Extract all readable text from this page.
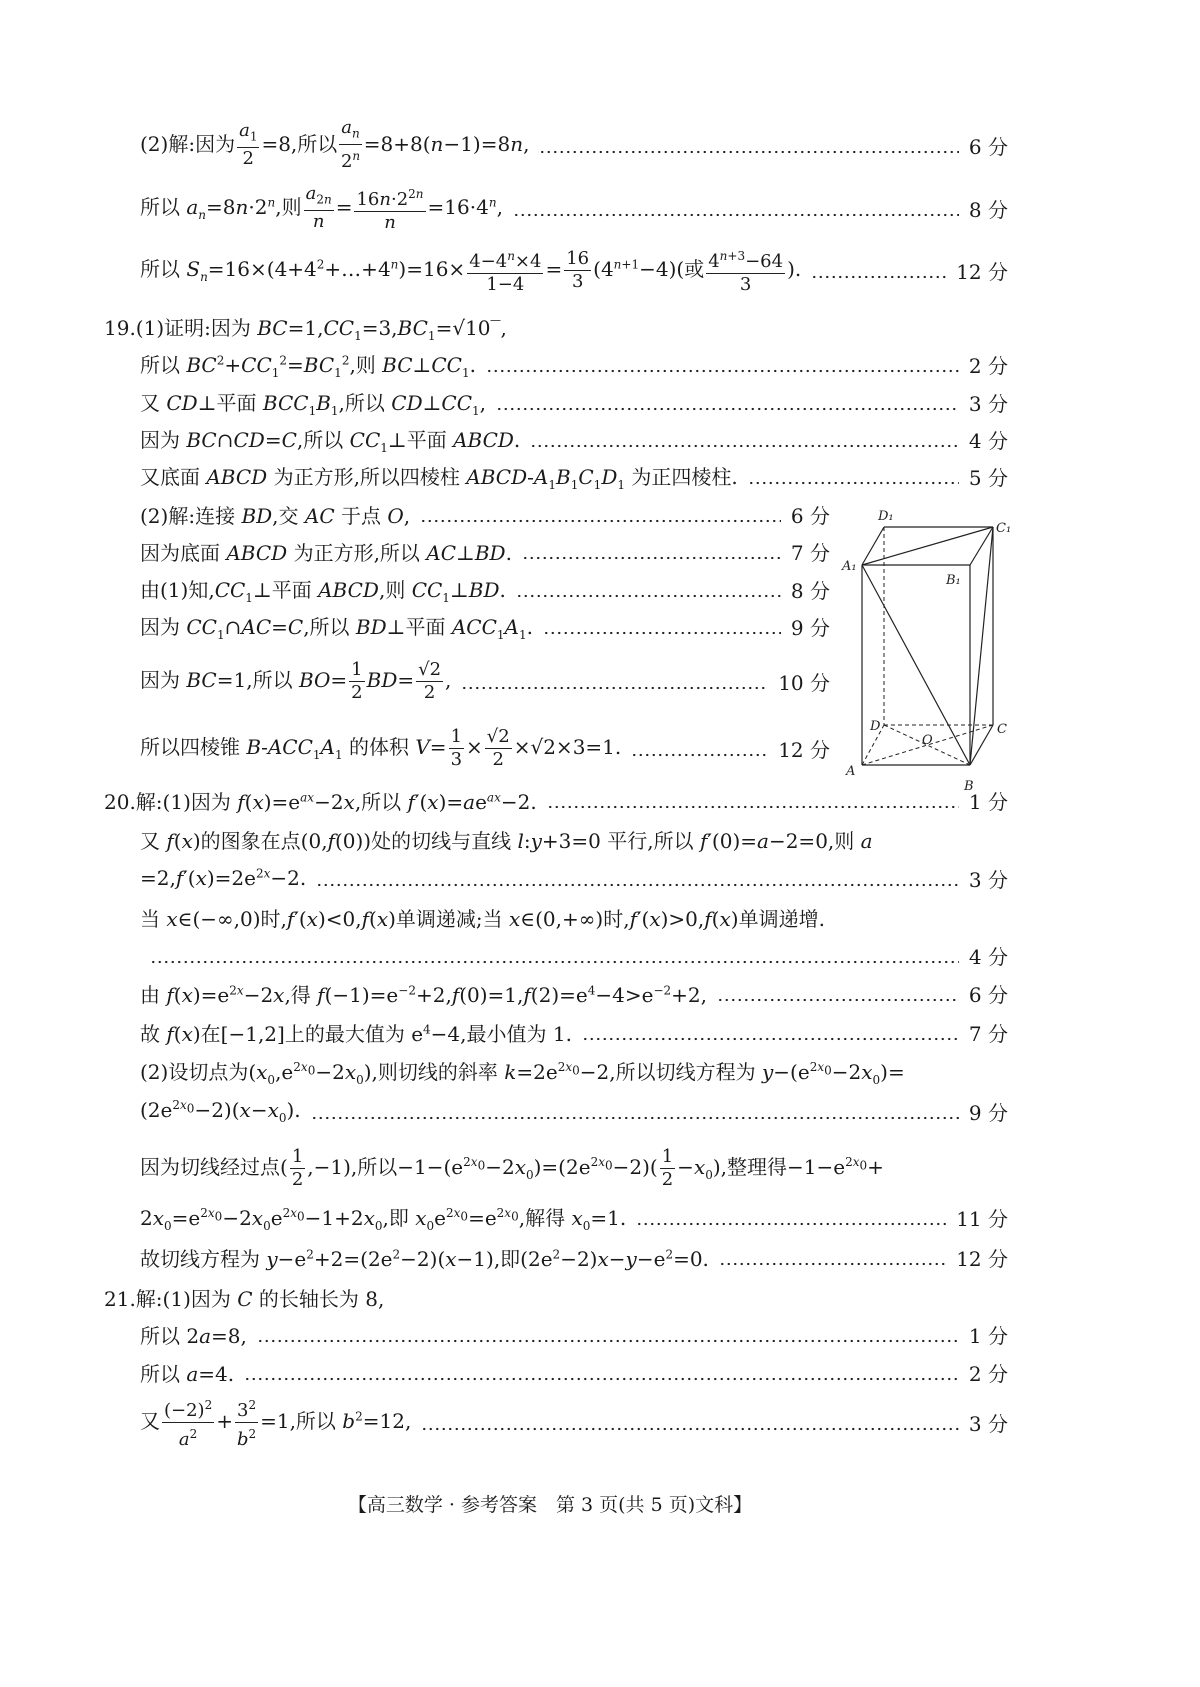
(2)解:因为 $\frac{a_1}{2} =8$,所以 $\frac{a_n}{2^n} =8+8(n-1)=8n$,	6 分
所以 $a_n=8n\cdot 2^n$,则 $\frac{a_{2n}}{n} = \frac{16n\cdot 2^{2n}}{n} =16\cdot 4^n$,	8 分
所以 $S_n=16\times(4+4^2+\dots+4^n)=16\times \frac{4-4^n\times 4}{1-4} = \frac{16}{3} (4^{n+1}-4)$(或 $\frac{4^{n+3}-64}{3}$ ).	12 分
19.(1)证明:因为 $BC=1,CC_1=3,BC_1=√10‾$,
所以 $BC^2+CC_1^2=BC_1^2$,则 $BC\perp CC_1$.	2 分
又 CD⊥平面 $BCC_1B_1$,所以 $CD\perp CC_1$,	3 分
因为 BC∩CD=C,所以 $CC_1\perp$平面 ABCD.	4 分
又底面 ABCD 为正方形,所以四棱柱 ABCD-$A_1B_1C_1D_1$ 为正四棱柱.	5 分
(2)解:连接 BD,交 AC 于点 O,	6 分
因为底面 ABCD 为正方形,所以 AC⊥BD.	7 分
由(1)知$,CC_1\perp$平面 ABCD,则 $CC_1\perp BD$.	8 分
因为 $CC_1\cap AC=C$,所以 BD⊥平面 $ACC_1A_1$.	9 分
因为 BC=1,所以 $BO= \frac{1}{2} BD= \frac{√2}{2}$ ,	10 分
所以四棱锥 $B-ACC_1A_1$ 的体积 $V= \frac{1}{3} \times \frac{√2}{2} \times√2\times 3=1$.	12 分
20.解:(1)因为 $f(x)=e^{ax}-2x$,所以 $f'(x)=ae^{ax}-2$.	1 分
又 f(x)的图象在点(0,f(0))处的切线与直线 l:y+3=0 平行,所以 f′(0)=a−2=0,则 a
$=2,f'(x)=2e^{2x}-2$.	3 分
当 x∈(−∞,0)时,f′(x)<0,f(x)单调递减;当 x∈(0,+∞)时,f′(x)>0,f(x)单调递增.
4 分
由 $f(x)=e^{2x}-2x$,得 $f(-1)=e^{-2}+2,f(0)=1,f(2)=e^4-4>e^{-2}+2$,	6 分
故 f(x)在[−1,2]上的最大值为 $e^4-4$,最小值为 1.	7 分
(2)设切点为$(x_0,e^{2x_0}-2x_0)$,则切线的斜率 $k=2e^{2x_0}-2$,所以切线方程为 $y-(e^{2x_0}-2x_0)=$
$(2e^{2x_0}-2)(x-x_0)$.	9 分
因为切线经过点( $\frac{1}{2} ,-1$),所以$-1-(e^{2x_0}-2x_0)=(2e^{2x_0}-2)( \frac{1}{2} -x_0)$,整理得$-1-e^{2x_0}+$
$2x_0=e^{2x_0}-2x_0e^{2x_0}-1+2x_0$,即 $x_0e^{2x_0}=e^{2x_0}$,解得 $x_0=1$.	11 分
故切线方程为 $y-e^2+2=(2e^2-2)(x-1)$,即$(2e^2-2)x-y-e^2=0$.	12 分
21.解:(1)因为 C 的长轴长为 8,
所以 2a=8,	1 分
所以 a=4.	2 分
又 $\frac{(-2)^2}{a^2} + \frac{3^2}{b^2} =1$,所以 $b^2=12$,	3 分
D₁
C₁
A₁
B₁
D	C
O
A
B
【高三数学 · 参考答案　第 3 页(共 5 页)文科】
